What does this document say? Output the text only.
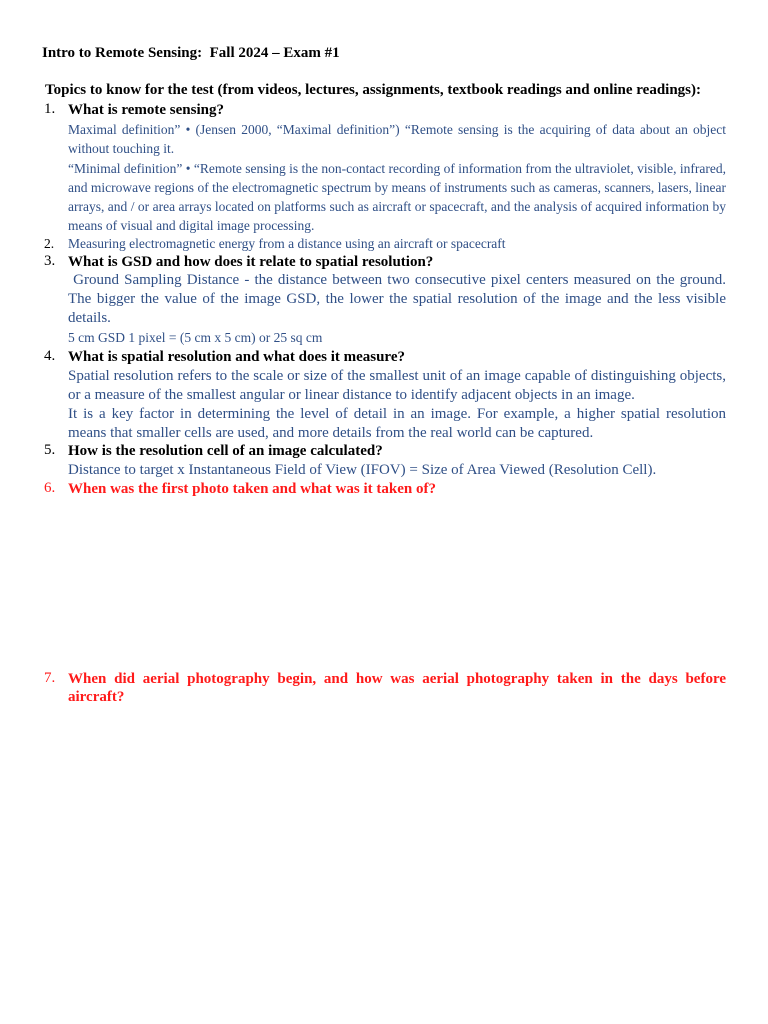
Intro to Remote Sensing:  Fall 2024 – Exam #1
Topics to know for the test (from videos, lectures, assignments, textbook readings and online readings):
1. What is remote sensing?
Maximal definition” • (Jensen 2000, “Maximal definition”) “Remote sensing is the acquiring of data about an object without touching it.
“Minimal definition” • “Remote sensing is the non-contact recording of information from the ultraviolet, visible, infrared, and microwave regions of the electromagnetic spectrum by means of instruments such as cameras, scanners, lasers, linear arrays, and / or area arrays located on platforms such as aircraft or spacecraft, and the analysis of acquired information by means of visual and digital image processing.
2.	Measuring electromagnetic energy from a distance using an aircraft or spacecraft
3. What is GSD and how does it relate to spatial resolution?
Ground Sampling Distance - the distance between two consecutive pixel centers measured on the ground. The bigger the value of the image GSD, the lower the spatial resolution of the image and the less visible details.
5 cm GSD 1 pixel = (5 cm x 5 cm) or 25 sq cm
4. What is spatial resolution and what does it measure?
Spatial resolution refers to the scale or size of the smallest unit of an image capable of distinguishing objects, or a measure of the smallest angular or linear distance to identify adjacent objects in an image.
It is a key factor in determining the level of detail in an image. For example, a higher spatial resolution means that smaller cells are used, and more details from the real world can be captured.
5. How is the resolution cell of an image calculated?
Distance to target x Instantaneous Field of View (IFOV) = Size of Area Viewed (Resolution Cell).
6. When was the first photo taken and what was it taken of?
7. When did aerial photography begin, and how was aerial photography taken in the days before aircraft?
